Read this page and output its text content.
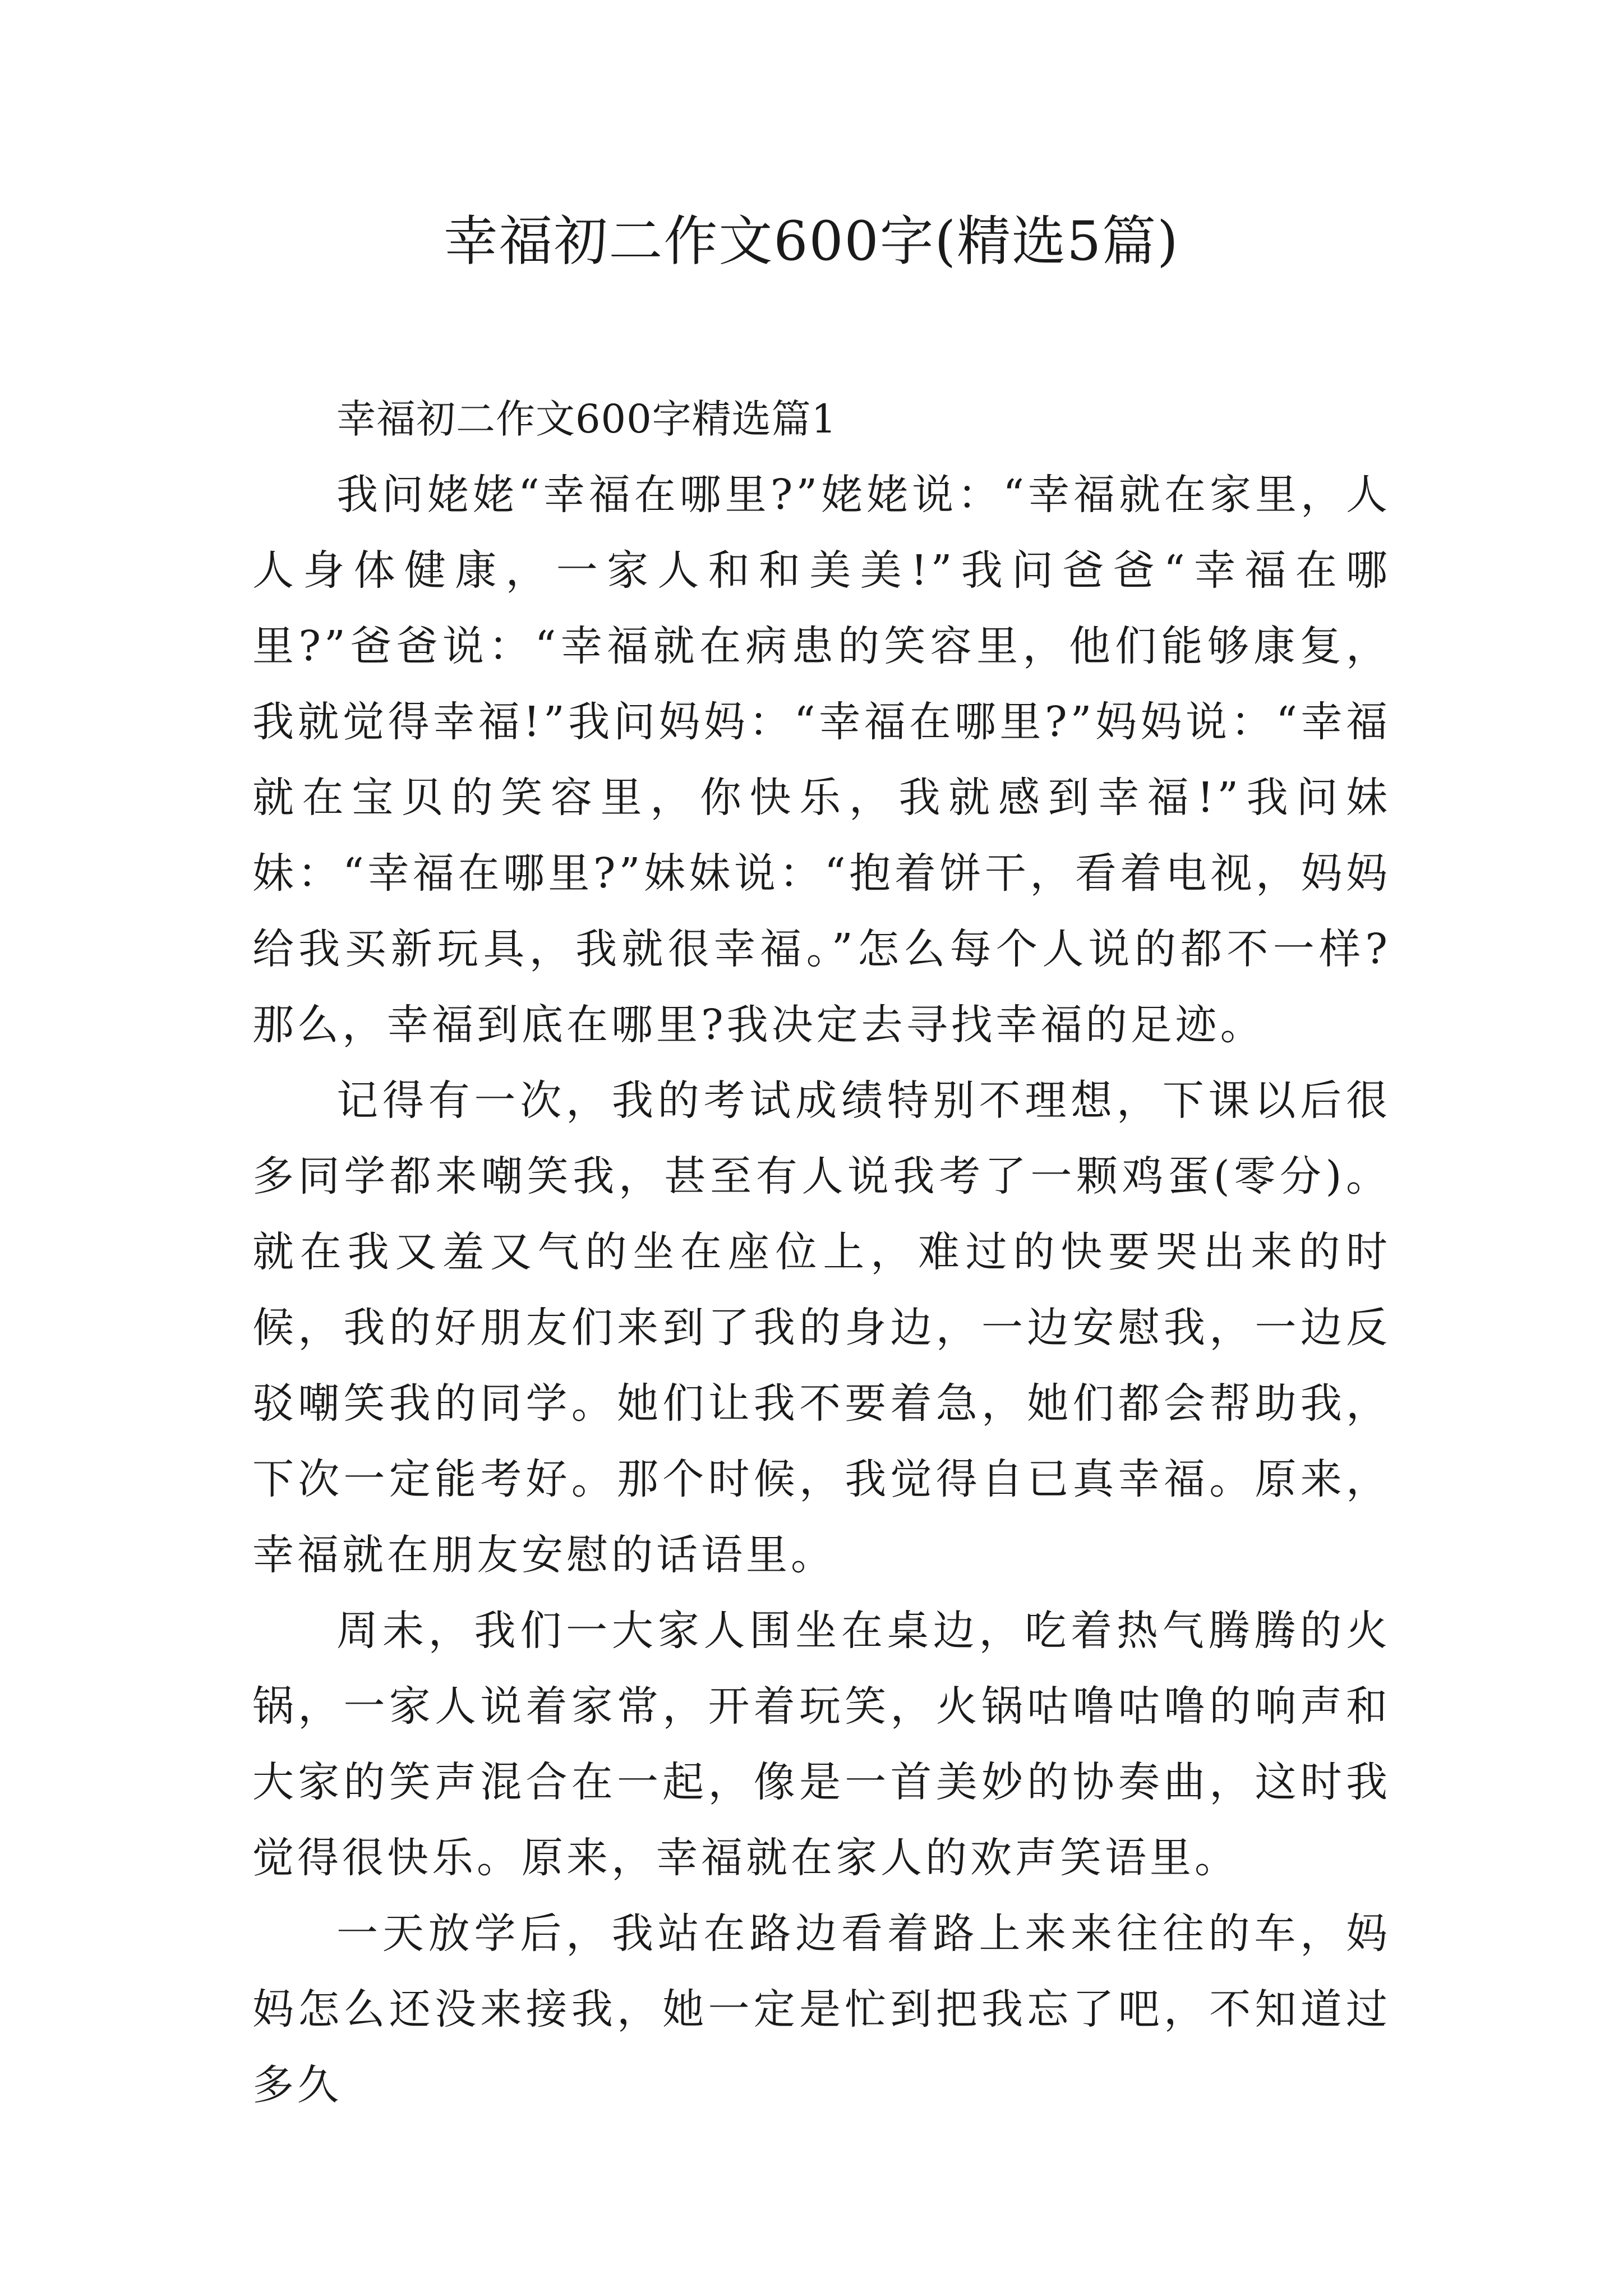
幸福初二作文600字(精选5篇)
幸福初二作文600字精选篇1

我问姥姥“幸福在哪里?”姥姥说：“幸福就在家里，人人身体健康，一家人和和美美!”我问爸爸“幸福在哪里?”爸爸说：“幸福就在病患的笑容里，他们能够康复，我就觉得幸福!”我问妈妈：“幸福在哪里?”妈妈说：“幸福就在宝贝的笑容里，你快乐，我就感到幸福!”我问妹妹：“幸福在哪里?”妹妹说：“抱着饼干，看着电视，妈妈给我买新玩具，我就很幸福。”怎么每个人说的都不一样?那么，幸福到底在哪里?我决定去寻找幸福的足迹。

记得有一次，我的考试成绩特别不理想，下课以后很多同学都来嘲笑我，甚至有人说我考了一颗鸡蛋(零分)。就在我又羞又气的坐在座位上，难过的快要哭出来的时候，我的好朋友们来到了我的身边，一边安慰我，一边反驳嘲笑我的同学。她们让我不要着急，她们都会帮助我，下次一定能考好。那个时候，我觉得自已真幸福。原来，幸福就在朋友安慰的话语里。

周未，我们一大家人围坐在桌边，吃着热气腾腾的火锅，一家人说着家常，开着玩笑，火锅咕噜咕噜的响声和大家的笑声混合在一起，像是一首美妙的协奏曲，这时我觉得很快乐。原来，幸福就在家人的欢声笑语里。

一天放学后，我站在路边看着路上来来往往的车，妈妈怎么还没来接我，她一定是忙到把我忘了吧，不知道过多久
